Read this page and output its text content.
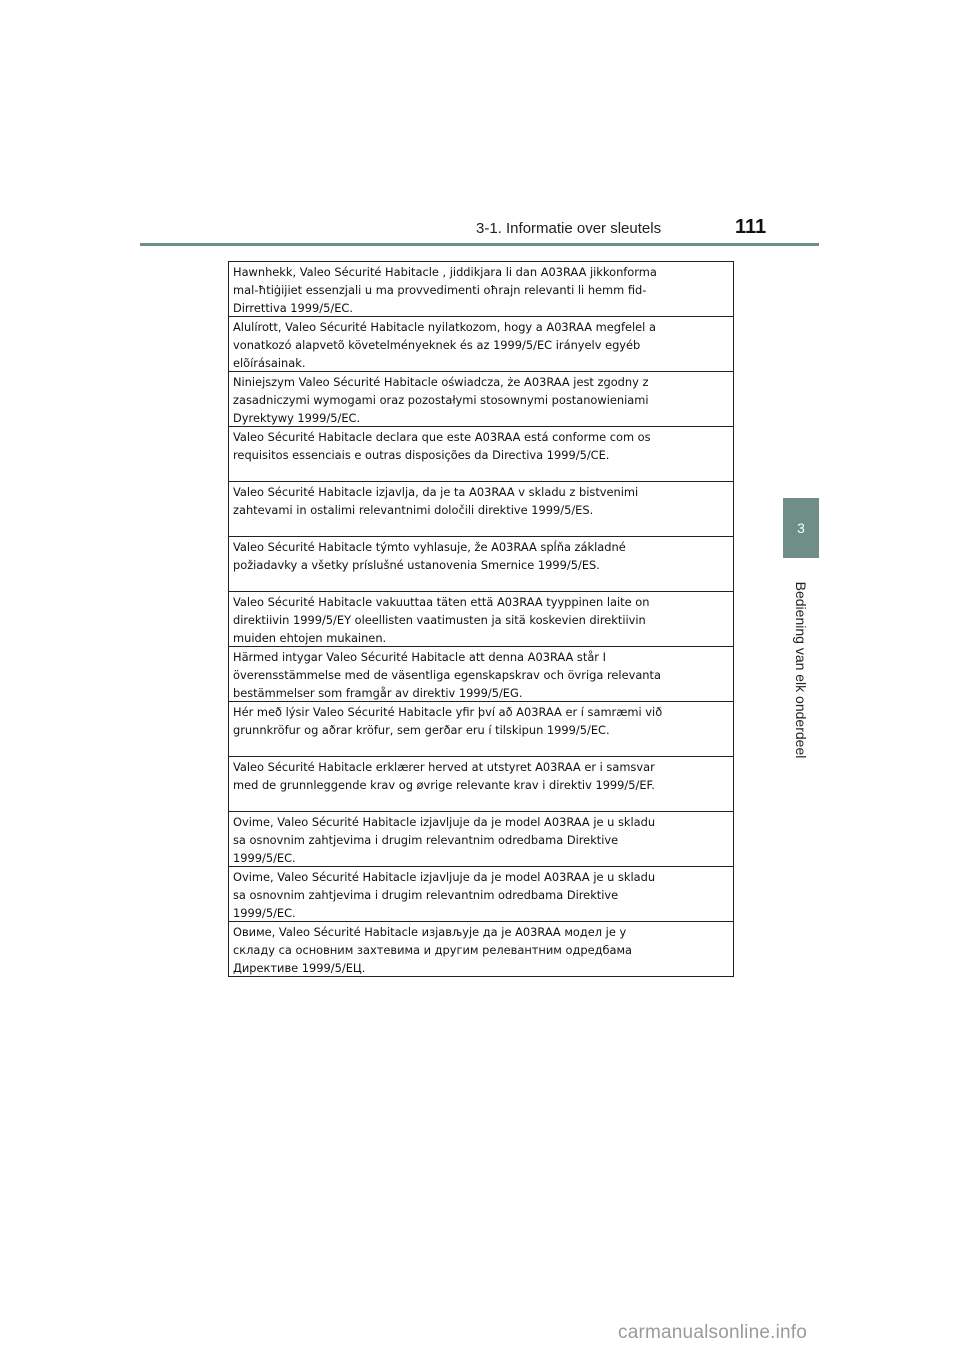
3-1. Informatie over sleutels	111
3
Bediening van elk onderdeel
Hawnhekk, Valeo Sécurité Habitacle , jiddikjara li dan A03RAA jikkonforma
mal-ħtiġijiet essenzjali u ma provvedimenti oħrajn relevanti li hemm fid-
Dirrettiva 1999/5/EC.
Alulírott, Valeo Sécurité Habitacle nyilatkozom, hogy a A03RAA megfelel a
vonatkozó alapvetõ követelményeknek és az 1999/5/EC irányelv egyéb
elõírásainak.
Niniejszym Valeo Sécurité Habitacle oświadcza, że A03RAA jest zgodny z
zasadniczymi wymogami oraz pozostałymi stosownymi postanowieniami
Dyrektywy 1999/5/EC.
Valeo Sécurité Habitacle declara que este A03RAA está conforme com os
requisitos essenciais e outras disposições da Directiva 1999/5/CE.
Valeo Sécurité Habitacle izjavlja, da je ta A03RAA v skladu z bistvenimi
zahtevami in ostalimi relevantnimi določili direktive 1999/5/ES.
Valeo Sécurité Habitacle týmto vyhlasuje, že A03RAA spĺňa základné
požiadavky a všetky príslušné ustanovenia Smernice 1999/5/ES.
Valeo Sécurité Habitacle vakuuttaa täten että A03RAA tyyppinen laite on
direktiivin 1999/5/EY oleellisten vaatimusten ja sitä koskevien direktiivin
muiden ehtojen mukainen.
Härmed intygar Valeo Sécurité Habitacle att denna A03RAA står I
överensstämmelse med de väsentliga egenskapskrav och övriga relevanta
bestämmelser som framgår av direktiv 1999/5/EG.
Hér með lýsir Valeo Sécurité Habitacle yfir því að A03RAA er í samræmi við
grunnkröfur og aðrar kröfur, sem gerðar eru í tilskipun 1999/5/EC.
Valeo Sécurité Habitacle erklærer herved at utstyret A03RAA er i samsvar
med de grunnleggende krav og øvrige relevante krav i direktiv 1999/5/EF.
Ovime, Valeo Sécurité Habitacle izjavljuje da je model A03RAA je u skladu
sa osnovnim zahtjevima i drugim relevantnim odredbama Direktive
1999/5/EC.
Ovime, Valeo Sécurité Habitacle izjavljuje da je model A03RAA je u skladu
sa osnovnim zahtjevima i drugim relevantnim odredbama Direktive
1999/5/EC.
Овиме, Valeo Sécurité Habitacle изјављује да је A03RAA модел је у
складу са основним захтевима и другим релевантним одредбама
Директиве 1999/5/ЕЦ.
carmanualsonline.info
